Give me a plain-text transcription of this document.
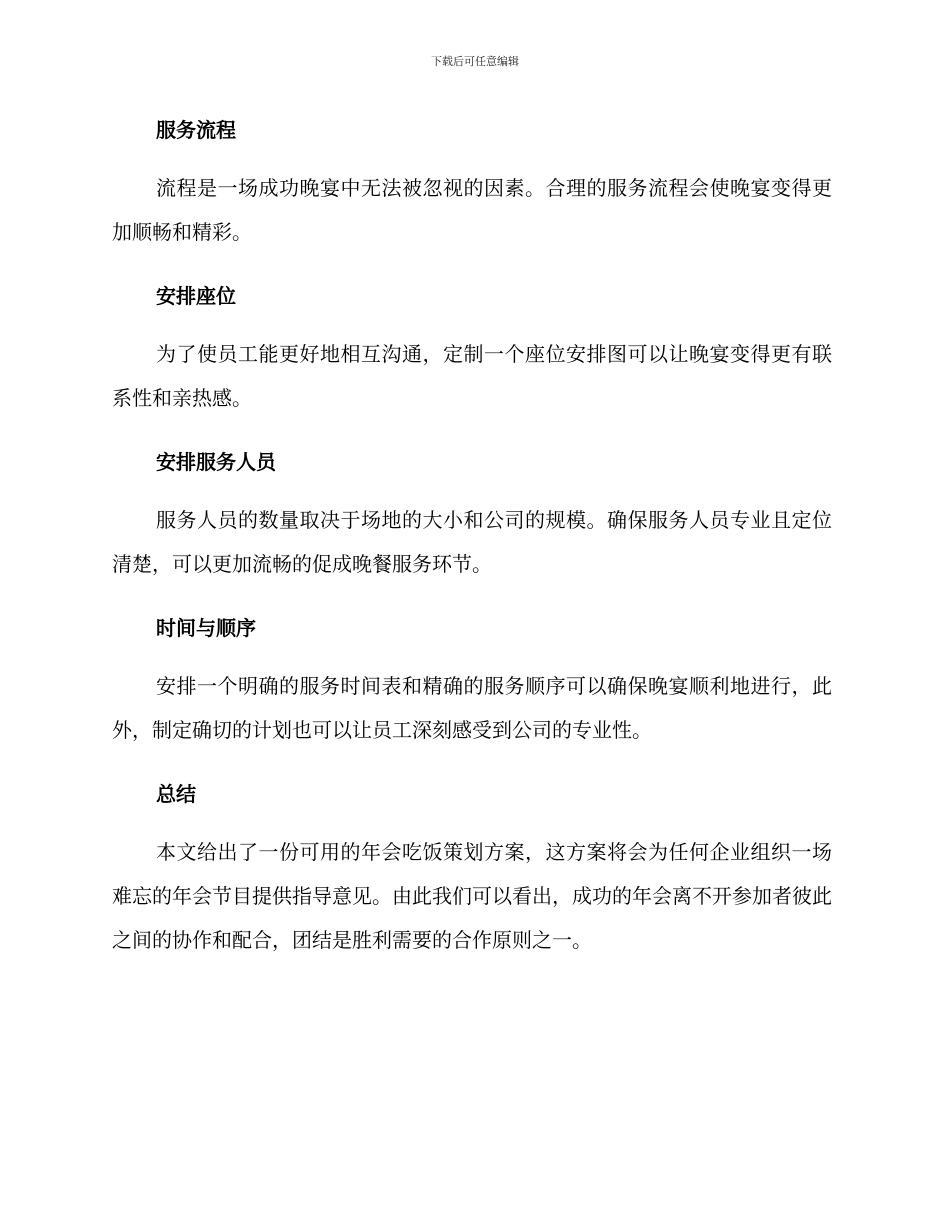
下载后可任意编辑
服务流程

流程是一场成功晚宴中无法被忽视的因素。合理的服务流程会使晚宴变得更加顺畅和精彩。

安排座位

为了使员工能更好地相互沟通，定制一个座位安排图可以让晚宴变得更有联系性和亲热感。

安排服务人员

服务人员的数量取决于场地的大小和公司的规模。确保服务人员专业且定位清楚，可以更加流畅的促成晚餐服务环节。

时间与顺序

安排一个明确的服务时间表和精确的服务顺序可以确保晚宴顺利地进行，此外，制定确切的计划也可以让员工深刻感受到公司的专业性。

总结

本文给出了一份可用的年会吃饭策划方案，这方案将会为任何企业组织一场难忘的年会节目提供指导意见。由此我们可以看出，成功的年会离不开参加者彼此之间的协作和配合，团结是胜利需要的合作原则之一。
